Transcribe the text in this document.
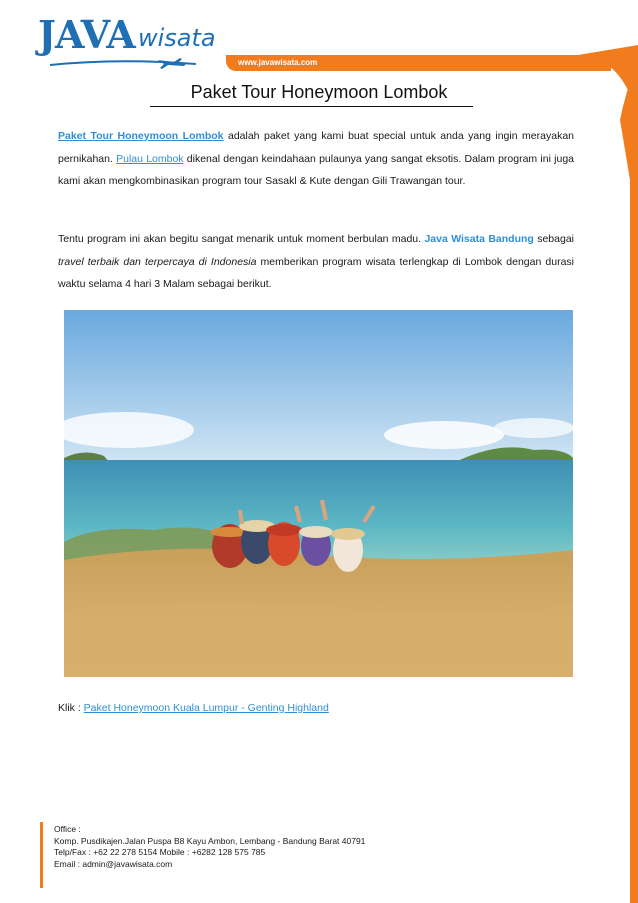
JAVA wisata
www.javawisata.com
Paket Tour Honeymoon Lombok
Paket Tour Honeymoon Lombok adalah paket yang kami buat special untuk anda yang ingin merayakan pernikahan. Pulau Lombok dikenal dengan keindahaan pulaunya yang sangat eksotis. Dalam program ini juga kami akan mengkombinasikan program tour Sasakl & Kute dengan Gili Trawangan tour.
Tentu program ini akan begitu sangat menarik untuk moment berbulan madu. Java Wisata Bandung sebagai travel terbaik dan terpercaya di Indonesia memberikan program wisata terlengkap di Lombok dengan durasi waktu selama 4 hari 3 Malam sebagai berikut.
Klik : Paket Honeymoon Kuala Lumpur - Genting Highland
Office :
Komp. Pusdikajen.Jalan Puspa B8 Kayu Ambon, Lembang - Bandung Barat 40791
Telp/Fax : +62 22 278 5154 Mobile : +6282 128 575 785
Email : admin@javawisata.com
